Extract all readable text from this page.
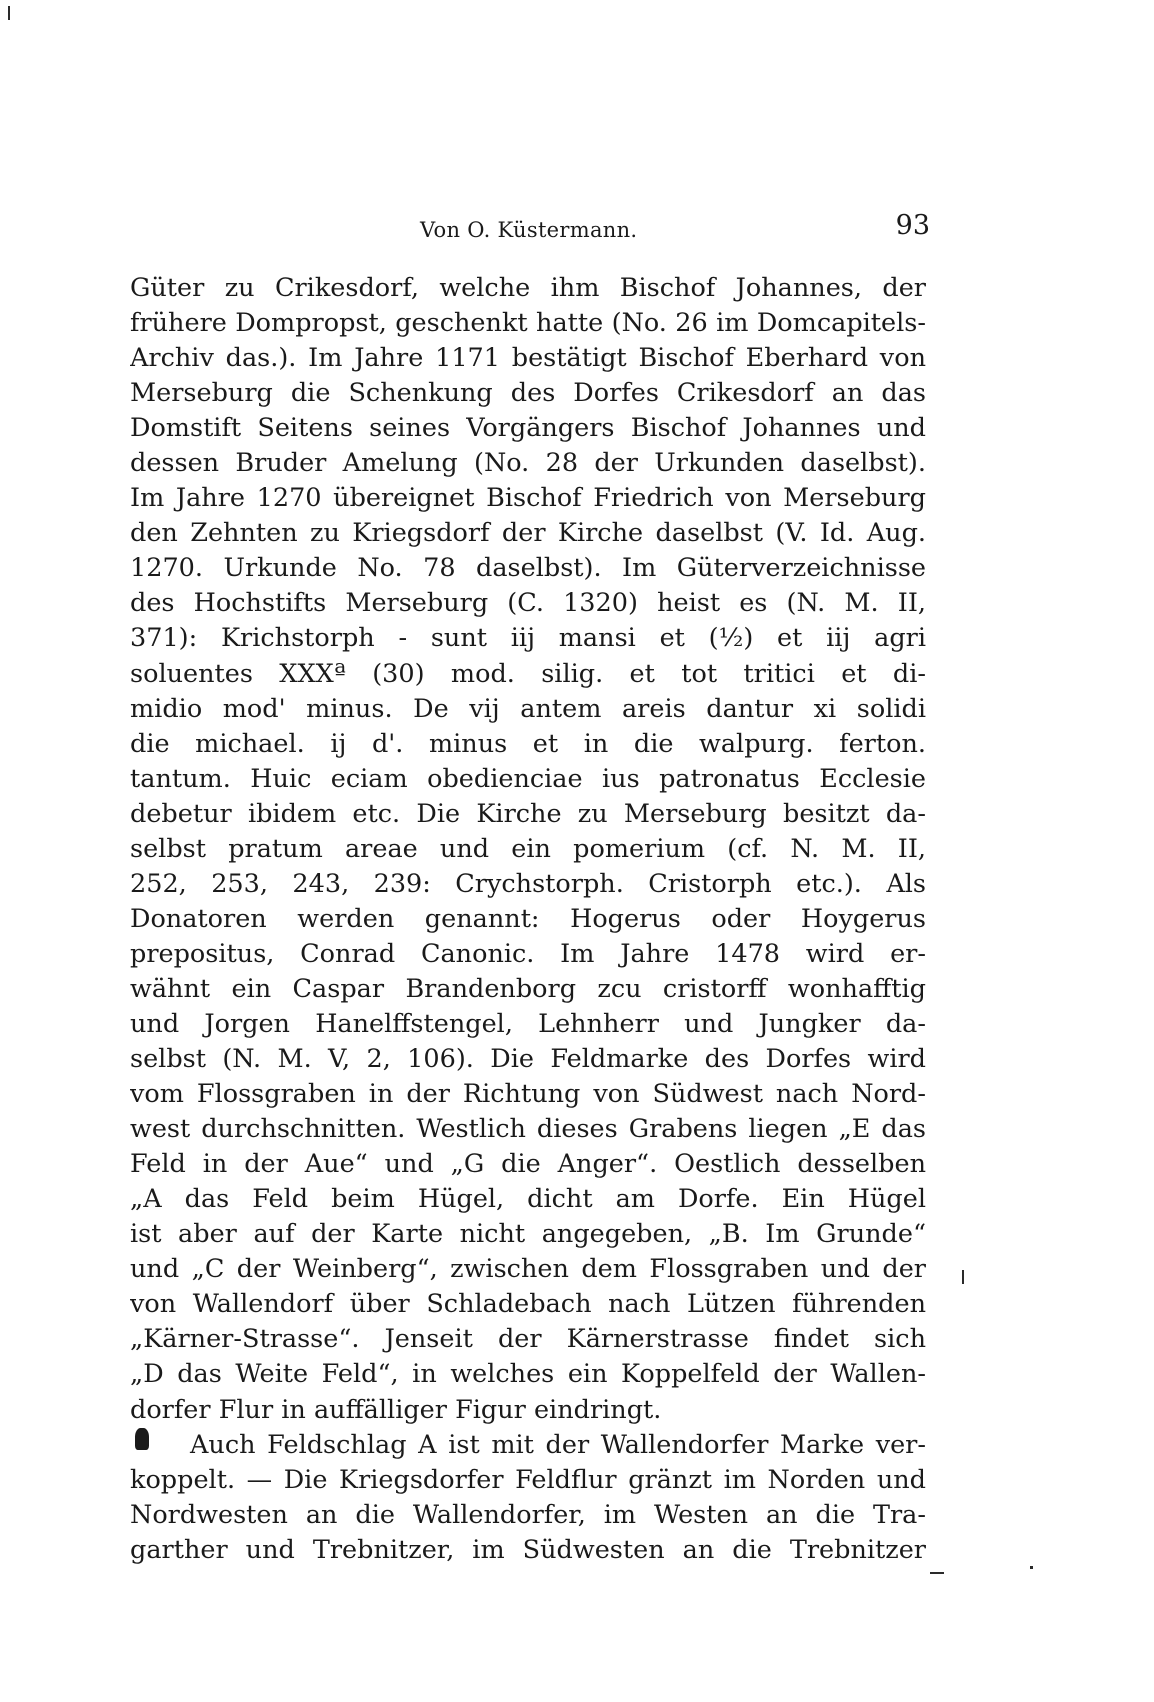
Von O. Küstermann.	93
Güter zu Crikesdorf, welche ihm Bischof Johannes, der
frühere Dompropst, geschenkt hatte (No. 26 im Domcapitels-
Archiv das.). Im Jahre 1171 bestätigt Bischof Eberhard von
Merseburg die Schenkung des Dorfes Crikesdorf an das
Domstift Seitens seines Vorgängers Bischof Johannes und
dessen Bruder Amelung (No. 28 der Urkunden daselbst).
Im Jahre 1270 übereignet Bischof Friedrich von Merseburg
den Zehnten zu Kriegsdorf der Kirche daselbst (V. Id. Aug.
1270. Urkunde No. 78 daselbst). Im Güterverzeichnisse
des Hochstifts Merseburg (C. 1320) heist es (N. M. II,
371): Krichstorph - sunt iij mansi et (½) et iij agri
soluentes XXXª (30) mod. silig. et tot tritici et di-
midio mod' minus. De vij antem areis dantur xi solidi
die michael. ij d'. minus et in die walpurg. ferton.
tantum. Huic eciam obedienciae ius patronatus Ecclesie
debetur ibidem etc. Die Kirche zu Merseburg besitzt da-
selbst pratum areae und ein pomerium (cf. N. M. II,
252, 253, 243, 239: Crychstorph. Cristorph etc.). Als
Donatoren werden genannt: Hogerus oder Hoygerus
prepositus, Conrad Canonic. Im Jahre 1478 wird er-
wähnt ein Caspar Brandenborg zcu cristorff wonhafftig
und Jorgen Hanelffstengel, Lehnherr und Jungker da-
selbst (N. M. V, 2, 106). Die Feldmarke des Dorfes wird
vom Flossgraben in der Richtung von Südwest nach Nord-
west durchschnitten. Westlich dieses Grabens liegen „E das
Feld in der Aue“ und „G die Anger“. Oestlich desselben
„A das Feld beim Hügel, dicht am Dorfe. Ein Hügel
ist aber auf der Karte nicht angegeben, „B. Im Grunde“
und „C der Weinberg“, zwischen dem Flossgraben und der
von Wallendorf über Schladebach nach Lützen führenden
„Kärner-Strasse“. Jenseit der Kärnerstrasse findet sich
„D das Weite Feld“, in welches ein Koppelfeld der Wallen-
dorfer Flur in auffälliger Figur eindringt.
Auch Feldschlag A ist mit der Wallendorfer Marke ver-
koppelt. — Die Kriegsdorfer Feldflur gränzt im Norden und
Nordwesten an die Wallendorfer, im Westen an die Tra-
garther und Trebnitzer, im Südwesten an die Trebnitzer
